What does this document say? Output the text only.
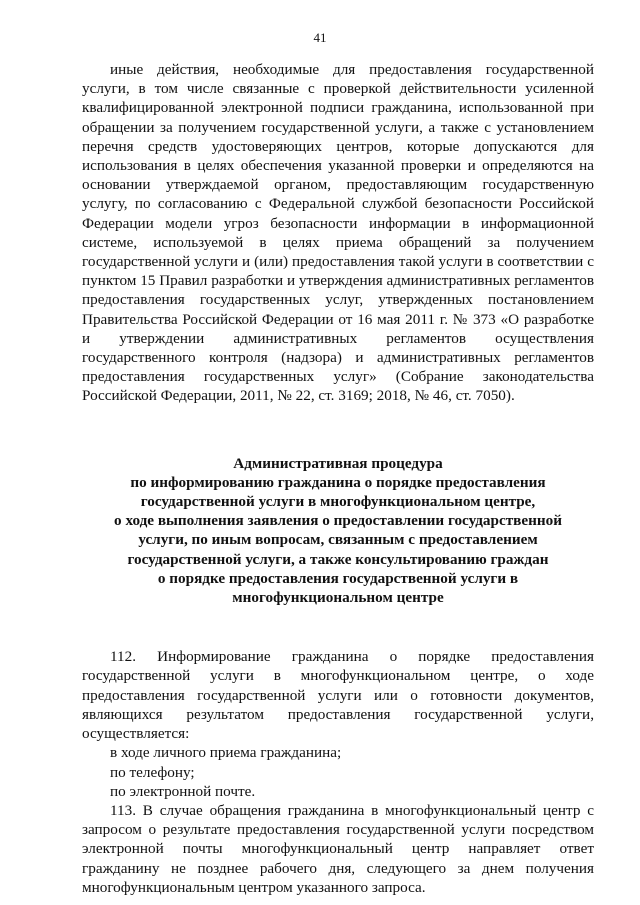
41

иные действия, необходимые для предоставления государственной услуги, в том числе связанные с проверкой действительности усиленной квалифицированной электронной подписи гражданина, использованной при обращении за получением государственной услуги, а также с установлением перечня средств удостоверяющих центров, которые допускаются для использования в целях обеспечения указанной проверки и определяются на основании утверждаемой органом, предоставляющим государственную услугу, по согласованию с Федеральной службой безопасности Российской Федерации модели угроз безопасности информации в информационной системе, используемой в целях приема обращений за получением государственной услуги и (или) предоставления такой услуги в соответствии с пунктом 15 Правил разработки и утверждения административных регламентов предоставления государственных услуг, утвержденных постановлением Правительства Российской Федерации от 16 мая 2011 г. № 373 «О разработке и утверждении административных регламентов осуществления государственного контроля (надзора) и административных регламентов предоставления государственных услуг» (Собрание законодательства Российской Федерации, 2011, № 22, ст. 3169; 2018, № 46, ст. 7050).

Административная процедура
по информированию гражданина о порядке предоставления
государственной услуги в многофункциональном центре,
о ходе выполнения заявления о предоставлении государственной
услуги, по иным вопросам, связанным с предоставлением
государственной услуги, а также консультированию граждан
о порядке предоставления государственной услуги в
многофункциональном центре

112. Информирование гражданина о порядке предоставления государственной услуги в многофункциональном центре, о ходе предоставления государственной услуги или о готовности документов, являющихся результатом предоставления государственной услуги, осуществляется:

в ходе личного приема гражданина;

по телефону;

по электронной почте.

113. В случае обращения гражданина в многофункциональный центр с запросом о результате предоставления государственной услуги посредством электронной почты многофункциональный центр направляет ответ гражданину не позднее рабочего дня, следующего за днем получения многофункциональным центром указанного запроса.
